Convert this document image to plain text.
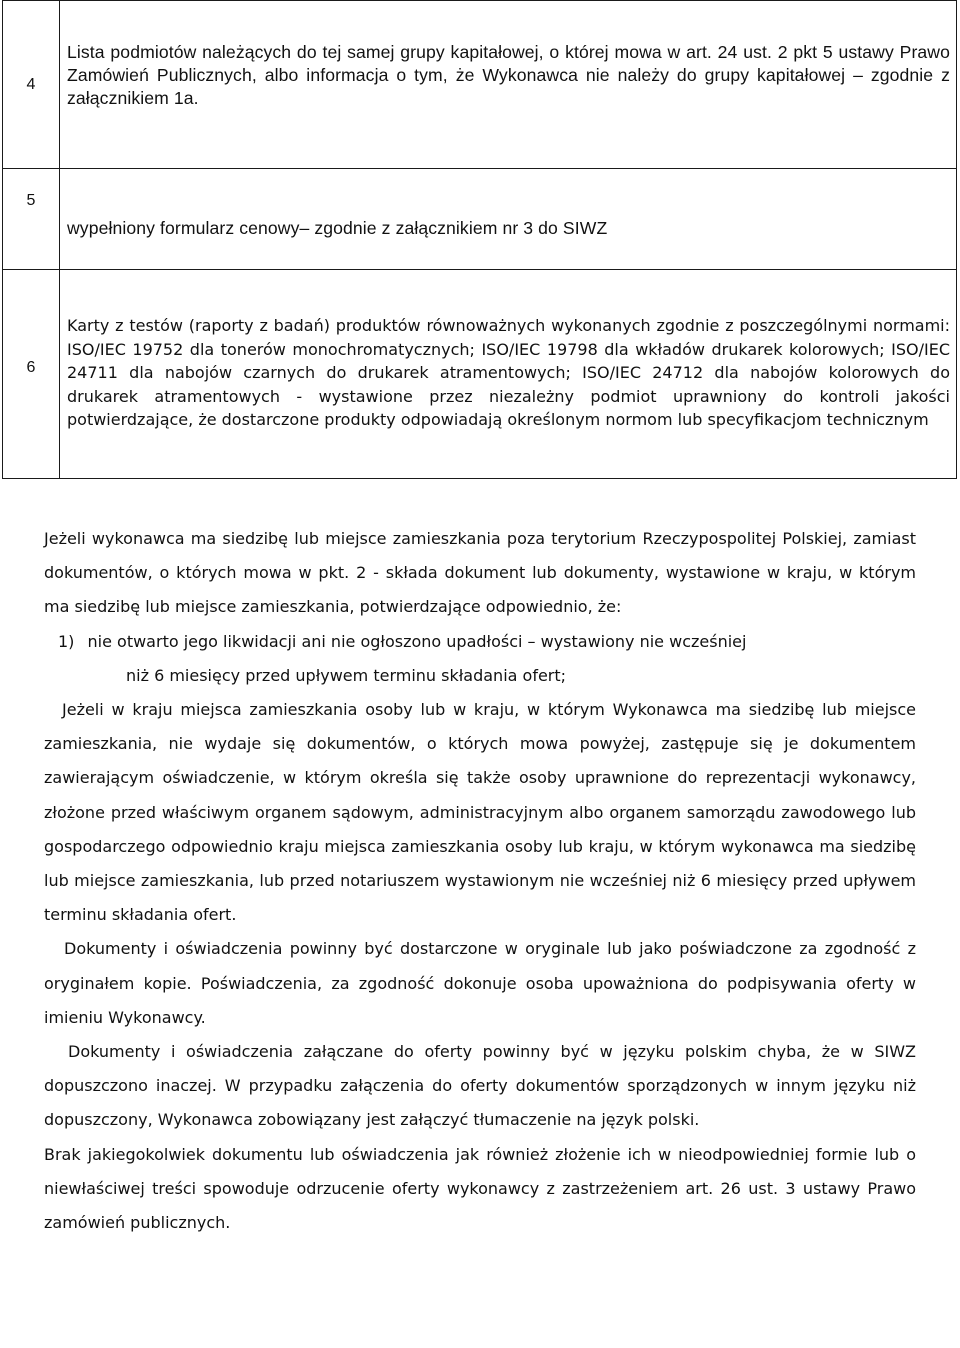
4	Lista podmiotów należących do tej samej grupy kapitałowej, o której mowa w art. 24 ust. 2 pkt 5 ustawy Prawo Zamówień Publicznych, albo informacja o tym, że Wykonawca nie należy do grupy kapitałowej – zgodnie z załącznikiem 1a.

5	wypełniony formularz cenowy– zgodnie z załącznikiem nr 3 do SIWZ
6	Karty z testów (raporty z badań) produktów równoważnych wykonanych zgodnie z poszczególnymi normami: ISO/IEC 19752 dla tonerów monochromatycznych; ISO/IEC 19798 dla wkładów drukarek kolorowych; ISO/IEC 24711 dla nabojów czarnych do drukarek atramentowych; ISO/IEC 24712 dla nabojów kolorowych do drukarek atramentowych - wystawione przez niezależny podmiot uprawniony do kontroli jakości potwierdzające, że dostarczone produkty odpowiadają określonym normom lub specyfikacjom technicznym

Jeżeli wykonawca ma siedzibę lub miejsce zamieszkania poza terytorium Rzeczypospolitej Polskiej, zamiast dokumentów, o których mowa w pkt. 2 - składa dokument lub dokumenty, wystawione w kraju, w którym ma siedzibę lub miejsce zamieszkania, potwierdzające odpowiednio, że:

1) nie otwarto jego likwidacji ani nie ogłoszono upadłości – wystawiony nie wcześniej
niż 6 miesięcy przed upływem terminu składania ofert;

Jeżeli w kraju miejsca zamieszkania osoby lub w kraju, w którym Wykonawca ma siedzibę lub miejsce zamieszkania, nie wydaje się dokumentów, o których mowa powyżej, zastępuje się je dokumentem zawierającym oświadczenie, w którym określa się także osoby uprawnione do reprezentacji wykonawcy, złożone przed właściwym organem sądowym, administracyjnym albo organem samorządu zawodowego lub gospodarczego odpowiednio kraju miejsca zamieszkania osoby lub kraju, w którym wykonawca ma siedzibę lub miejsce zamieszkania, lub przed notariuszem wystawionym nie wcześniej niż 6 miesięcy przed upływem terminu składania ofert.

Dokumenty i oświadczenia powinny być dostarczone w oryginale lub jako poświadczone za zgodność z oryginałem kopie. Poświadczenia, za zgodność dokonuje osoba upoważniona do podpisywania oferty w imieniu Wykonawcy.

Dokumenty i oświadczenia załączane do oferty powinny być w języku polskim chyba, że w SIWZ dopuszczono inaczej. W przypadku załączenia do oferty dokumentów sporządzonych w innym języku niż dopuszczony, Wykonawca zobowiązany jest załączyć tłumaczenie na język polski.

Brak jakiegokolwiek dokumentu lub oświadczenia jak również złożenie ich w nieodpowiedniej formie lub o niewłaściwej treści spowoduje odrzucenie oferty wykonawcy z zastrzeżeniem art. 26 ust. 3 ustawy Prawo zamówień publicznych.
